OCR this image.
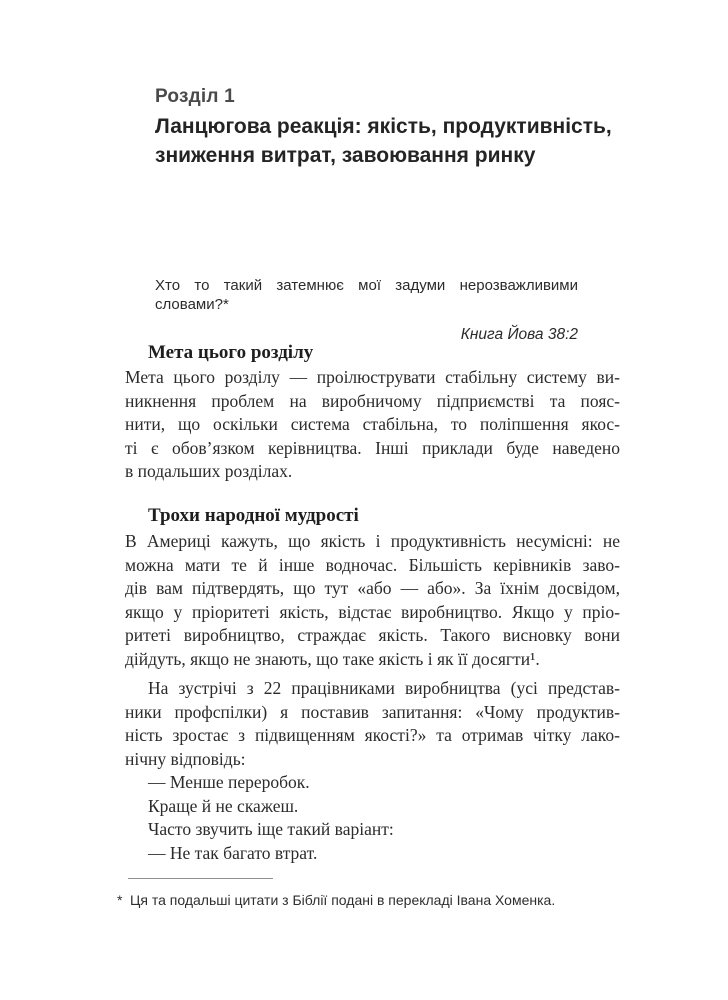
Розділ 1
Ланцюгова реакція: якість, продуктивність,
зниження витрат, завоювання ринку
Хто то такий затемнює мої задуми нерозважливими словами?*
Книга Йова 38:2
Мета цього розділу
Мета цього розділу — проілюструвати стабільну систему ви-
никнення проблем на виробничому підприємстві та пояс-
нити, що оскільки система стабільна, то поліпшення якос-
ті є обов’язком керівництва. Інші приклади буде наведено
в подальших розділах.
Трохи народної мудрості
В Америці кажуть, що якість і продуктивність несумісні: не
можна мати те й інше водночас. Більшість керівників заво-
дів вам підтвердять, що тут «або — або». За їхнім досвідом,
якщо у пріоритеті якість, відстає виробництво. Якщо у пріо-
ритеті виробництво, страждає якість. Такого висновку вони
дійдуть, якщо не знають, що таке якість і як її досягти¹.
На зустрічі з 22 працівниками виробництва (усі представ-
ники профспілки) я поставив запитання: «Чому продуктив-
ність зростає з підвищенням якості?» та отримав чітку лако-
нічну відповідь:
— Менше переробок.
Краще й не скажеш.
Часто звучить іще такий варіант:
— Не так багато втрат.
* Ця та подальші цитати з Біблії подані в перекладі Івана Хоменка.
